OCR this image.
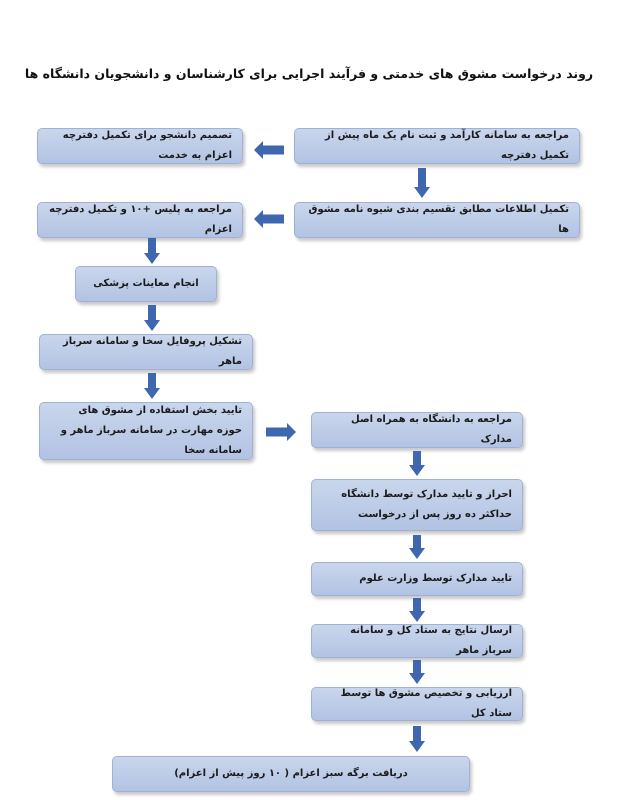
روند درخواست مشوق های خدمتی و فرآیند اجرایی برای کارشناسان و دانشجویان دانشگاه ها
مراجعه به سامانه کارآمد و ثبت نام یک ماه پیش از تکمیل دفترچه
تصمیم دانشجو برای تکمیل دفترچه اعزام به خدمت
تکمیل اطلاعات مطابق تقسیم بندی شیوه نامه مشوق ها
مراجعه به پلیس +۱۰ و تکمیل دفترچه اعزام
انجام معاینات پزشکی
تشکیل پروفایل سخا و سامانه سرباز ماهر
تایید بخش استفاده از مشوق های حوزه مهارت در سامانه سرباز ماهر و سامانه سخا
مراجعه به دانشگاه به همراه اصل مدارک
احراز و تایید مدارک توسط دانشگاه حداکثر ده روز پس از درخواست
تایید مدارک توسط وزارت علوم
ارسال نتایج به ستاد کل و سامانه سرباز ماهر
ارزیابی و تخصیص مشوق ها توسط ستاد کل
دریافت برگه سبز اعزام ( ۱۰ روز پیش از اعزام)
